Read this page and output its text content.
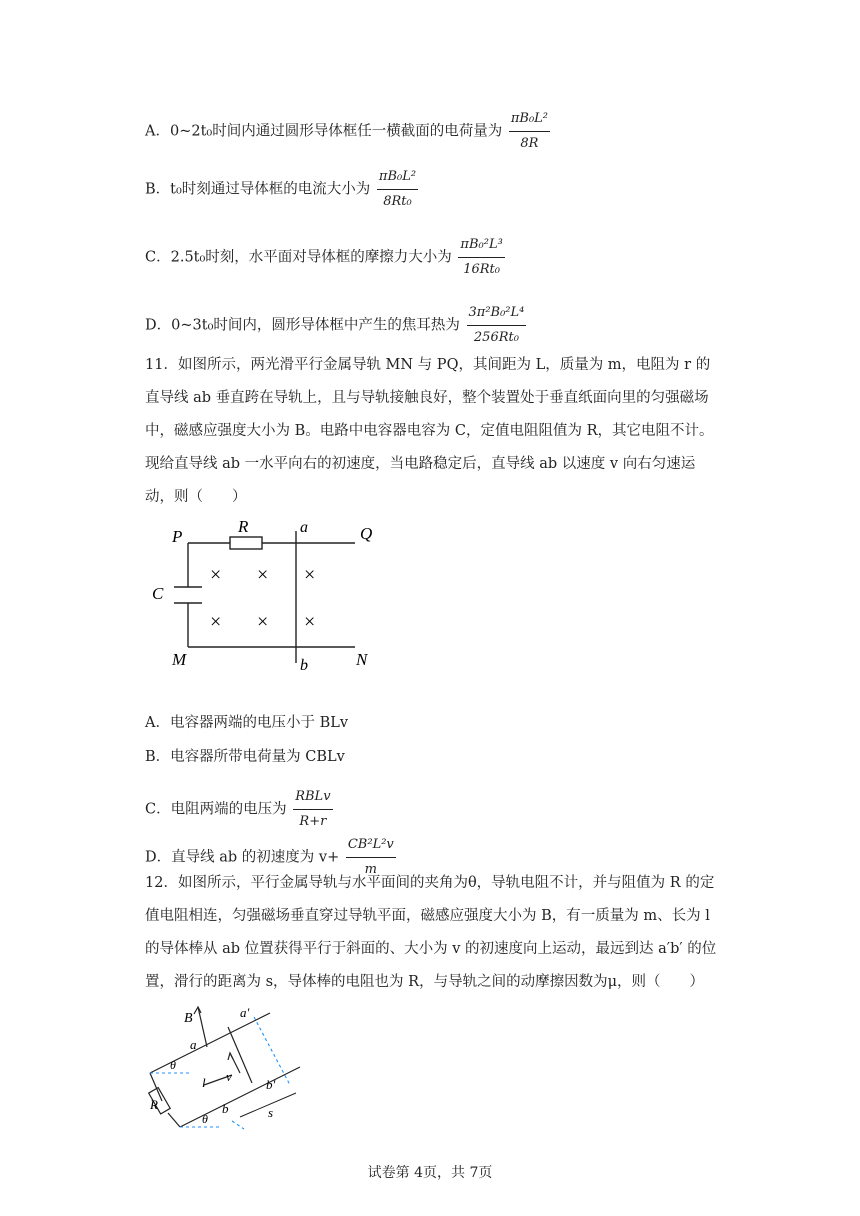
A．0~2t₀时间内通过圆形导体框任一横截面的电荷量为 $\frac{\text{πB₀L²}}{8R}$
B．t₀时刻通过导体框的电流大小为 $\frac{\text{πB₀L²}}{\text{8Rt₀}}$
C．2.5t₀时刻，水平面对导体框的摩擦力大小为 $\frac{\text{πB₀²L³}}{\text{16Rt₀}}$
D．0~3t₀时间内，圆形导体框中产生的焦耳热为 $\frac{\text{3π²B₀²L⁴}}{\text{256Rt₀}}$
11．如图所示，两光滑平行金属导轨 MN 与 PQ，其间距为 L，质量为 m，电阻为 r 的直导线 ab 垂直跨在导轨上，且与导轨接触良好，整个装置处于垂直纸面向里的匀强磁场中，磁感应强度大小为 B。电路中电容器电容为 C，定值电阻阻值为 R，其它电阻不计。现给直导线 ab 一水平向右的初速度，当电路稳定后，直导线 ab 以速度 v 向右匀速运动，则（　　）
P	Q
M	N
R
C
a
b
× × ×
× × ×
A．电容器两端的电压小于 BLv
B．电容器所带电荷量为 CBLv
C．电阻两端的电压为 $\frac{\text{RBLv}}{R+r}$
D．直导线 ab 的初速度为 $v+ \frac{\text{CB²L²v}}{m}$
12．如图所示，平行金属导轨与水平面间的夹角为θ，导轨电阻不计，并与阻值为 R 的定值电阻相连，匀强磁场垂直穿过导轨平面，磁感应强度大小为 B，有一质量为 m、长为 l 的导体棒从 ab 位置获得平行于斜面的、大小为 v 的初速度向上运动，最远到达 a′b′ 的位置，滑行的距离为 s，导体棒的电阻也为 R，与导轨之间的动摩擦因数为μ，则（　　）
B
a
a′
b
b′
l v
R
s
θ
θ
试卷第 4页，共 7页
